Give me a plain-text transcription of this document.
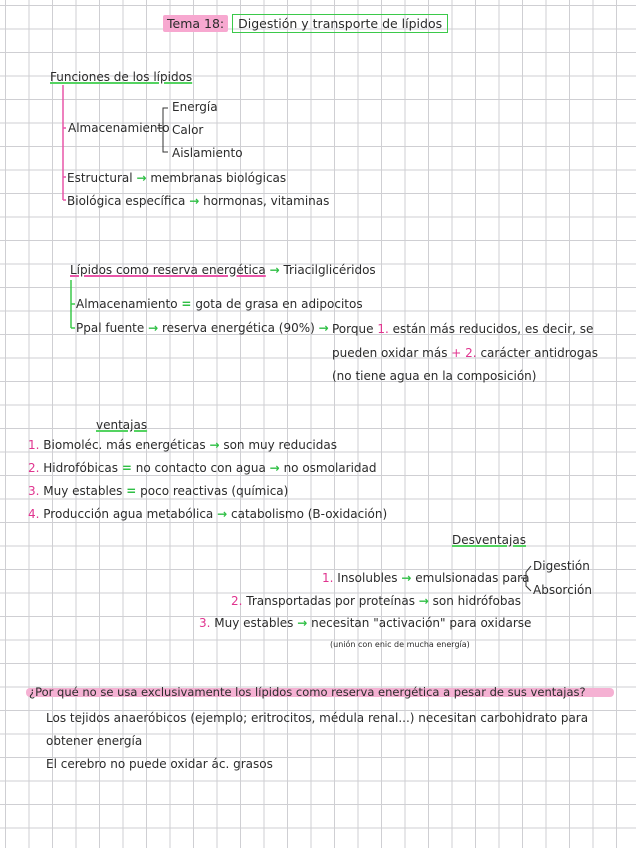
Tema 18: Digestión y transporte de lípidos
Funciones de los lípidos
Energía
Almacenamiento Calor
Aislamiento
Estructural → membranas biológicas
Biológica específica → hormonas, vitaminas
Lípidos como reserva energética → Triacilglicéridos
Almacenamiento = gota de grasa en adipocitos
Ppal fuente → reserva energética (90%) → Porque 1. están más reducidos, es decir, se
pueden oxidar más + 2. carácter antidrogas
(no tiene agua en la composición)
ventajas
1. Biomoléc. más energéticas → son muy reducidas
2. Hidrofóbicas = no contacto con agua → no osmolaridad
3. Muy estables = poco reactivas (química)
4. Producción agua metabólica → catabolismo (B-oxidación)
Desventajas
1. Insolubles → emulsionadas para
Digestión
Absorción
2. Transportadas por proteínas → son hidrófobas
3. Muy estables → necesitan "activación" para oxidarse
(unión con enic de mucha energía)
¿Por qué no se usa exclusivamente los lípidos como reserva energética a pesar de sus ventajas?
Los tejidos anaeróbicos (ejemplo; eritrocitos, médula renal...) necesitan carbohidrato para
obtener energía
El cerebro no puede oxidar ác. grasos
